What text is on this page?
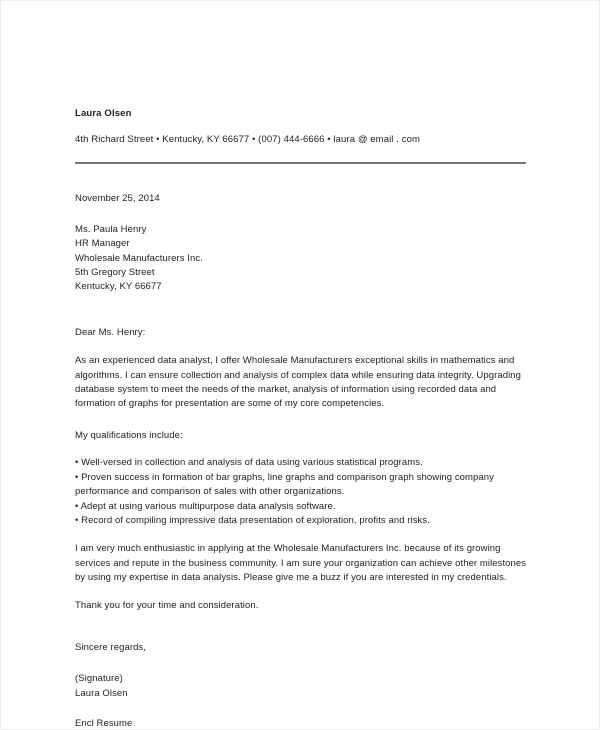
Laura Olsen

4th Richard Street • Kentucky, KY 66677 • (007) 444-6666 • laura @ email . com

November 25, 2014
Ms. Paula Henry
HR Manager
Wholesale Manufacturers Inc.
5th Gregory Street
Kentucky, KY 66677
Dear Ms. Henry:
As an experienced data analyst, I offer Wholesale Manufacturers exceptional skills in mathematics and algorithms. I can ensure collection and analysis of complex data while ensuring data integrity. Upgrading database system to meet the needs of the market, analysis of information using recorded data and formation of graphs for presentation are some of my core competencies.
My qualifications include:
• Well-versed in collection and analysis of data using various statistical programs.
• Proven success in formation of bar graphs, line graphs and comparison graph showing company performance and comparison of sales with other organizations.
• Adept at using various multipurpose data analysis software.
• Record of compiling impressive data presentation of exploration, profits and risks.
I am very much enthusiastic in applying at the Wholesale Manufacturers Inc. because of its growing services and repute in the business community. I am sure your organization can achieve other milestones by using my expertise in data analysis. Please give me a buzz if you are interested in my credentials.
Thank you for your time and consideration.
Sincere regards,
(Signature)
Laura Olsen
Encl Resume
